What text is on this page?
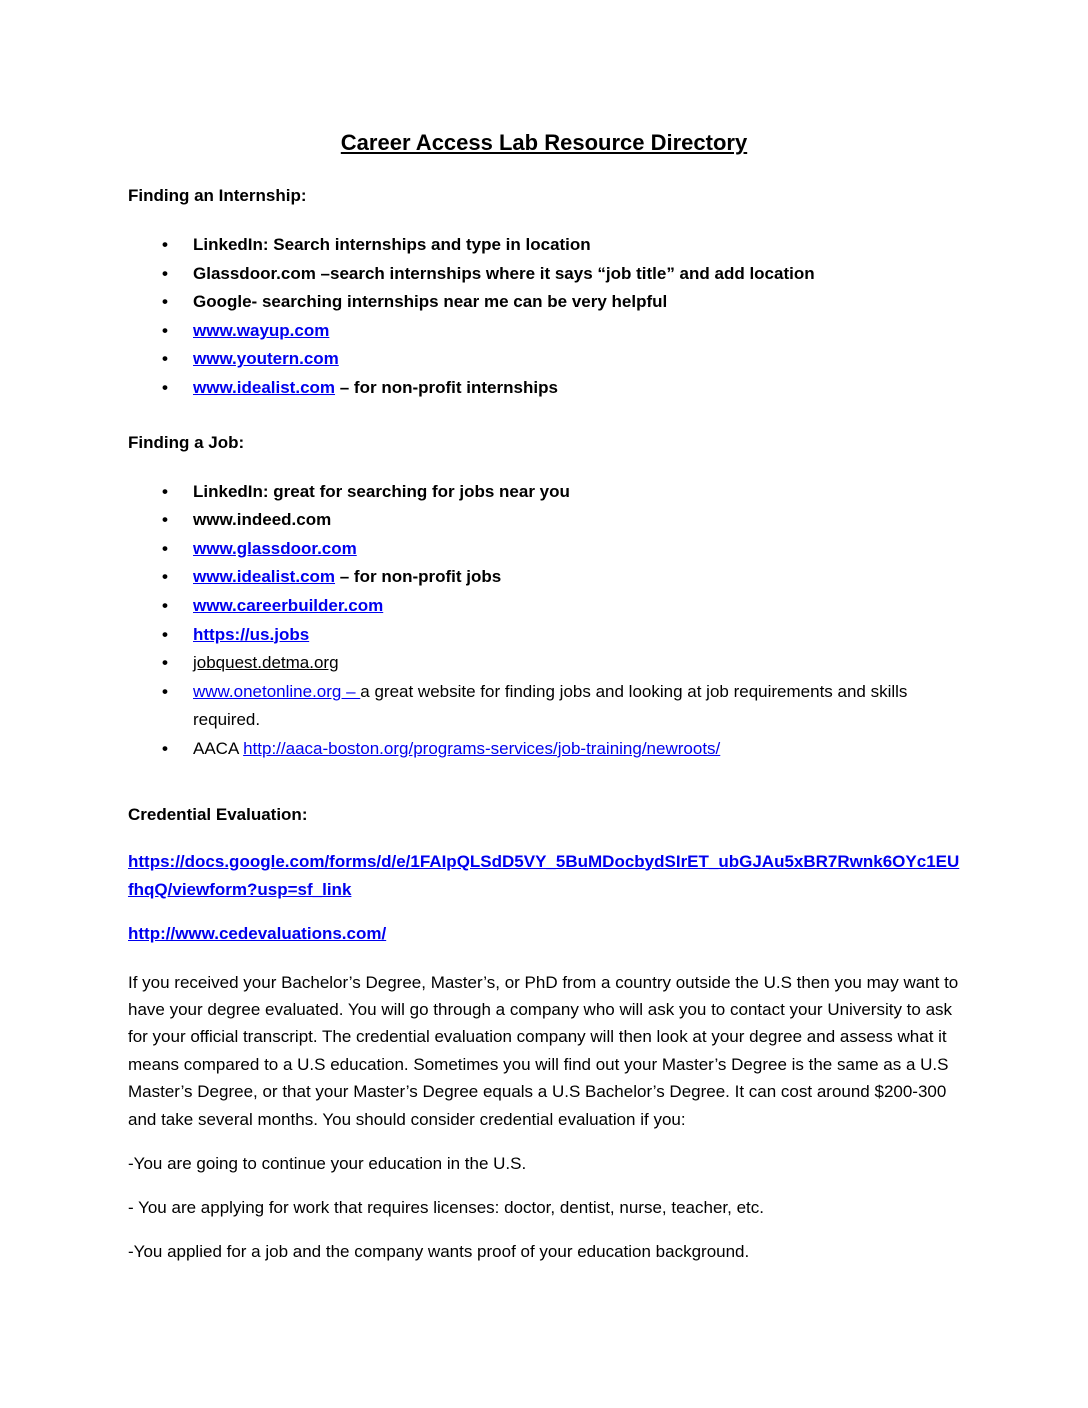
Career Access Lab Resource Directory
Finding an Internship:
• LinkedIn: Search internships and type in location
• Glassdoor.com –search internships where it says “job title” and add location
• Google- searching internships near me can be very helpful
• www.wayup.com
• www.youtern.com
• www.idealist.com – for non-profit internships
Finding a Job:
• LinkedIn: great for searching for jobs near you
• www.indeed.com
• www.glassdoor.com
• www.idealist.com – for non-profit jobs
• www.careerbuilder.com
• https://us.jobs
• jobquest.detma.org
• www.onetonline.org – a great website for finding jobs and looking at job requirements and skills required.
• AACA http://aaca-boston.org/programs-services/job-training/newroots/
Credential Evaluation:

https://docs.google.com/forms/d/e/1FAIpQLSdD5VY_5BuMDocbydSIrET_ubGJAu5xBR7Rwnk6OYc1EUfhqQ/viewform?usp=sf_link

http://www.cedevaluations.com/

If you received your Bachelor’s Degree, Master’s, or PhD from a country outside the U.S then you may want to have your degree evaluated. You will go through a company who will ask you to contact your University to ask for your official transcript. The credential evaluation company will then look at your degree and assess what it means compared to a U.S education. Sometimes you will find out your Master’s Degree is the same as a U.S Master’s Degree, or that your Master’s Degree equals a U.S Bachelor’s Degree. It can cost around $200-300 and take several months. You should consider credential evaluation if you:

-You are going to continue your education in the U.S.

- You are applying for work that requires licenses: doctor, dentist, nurse, teacher, etc.

-You applied for a job and the company wants proof of your education background.
